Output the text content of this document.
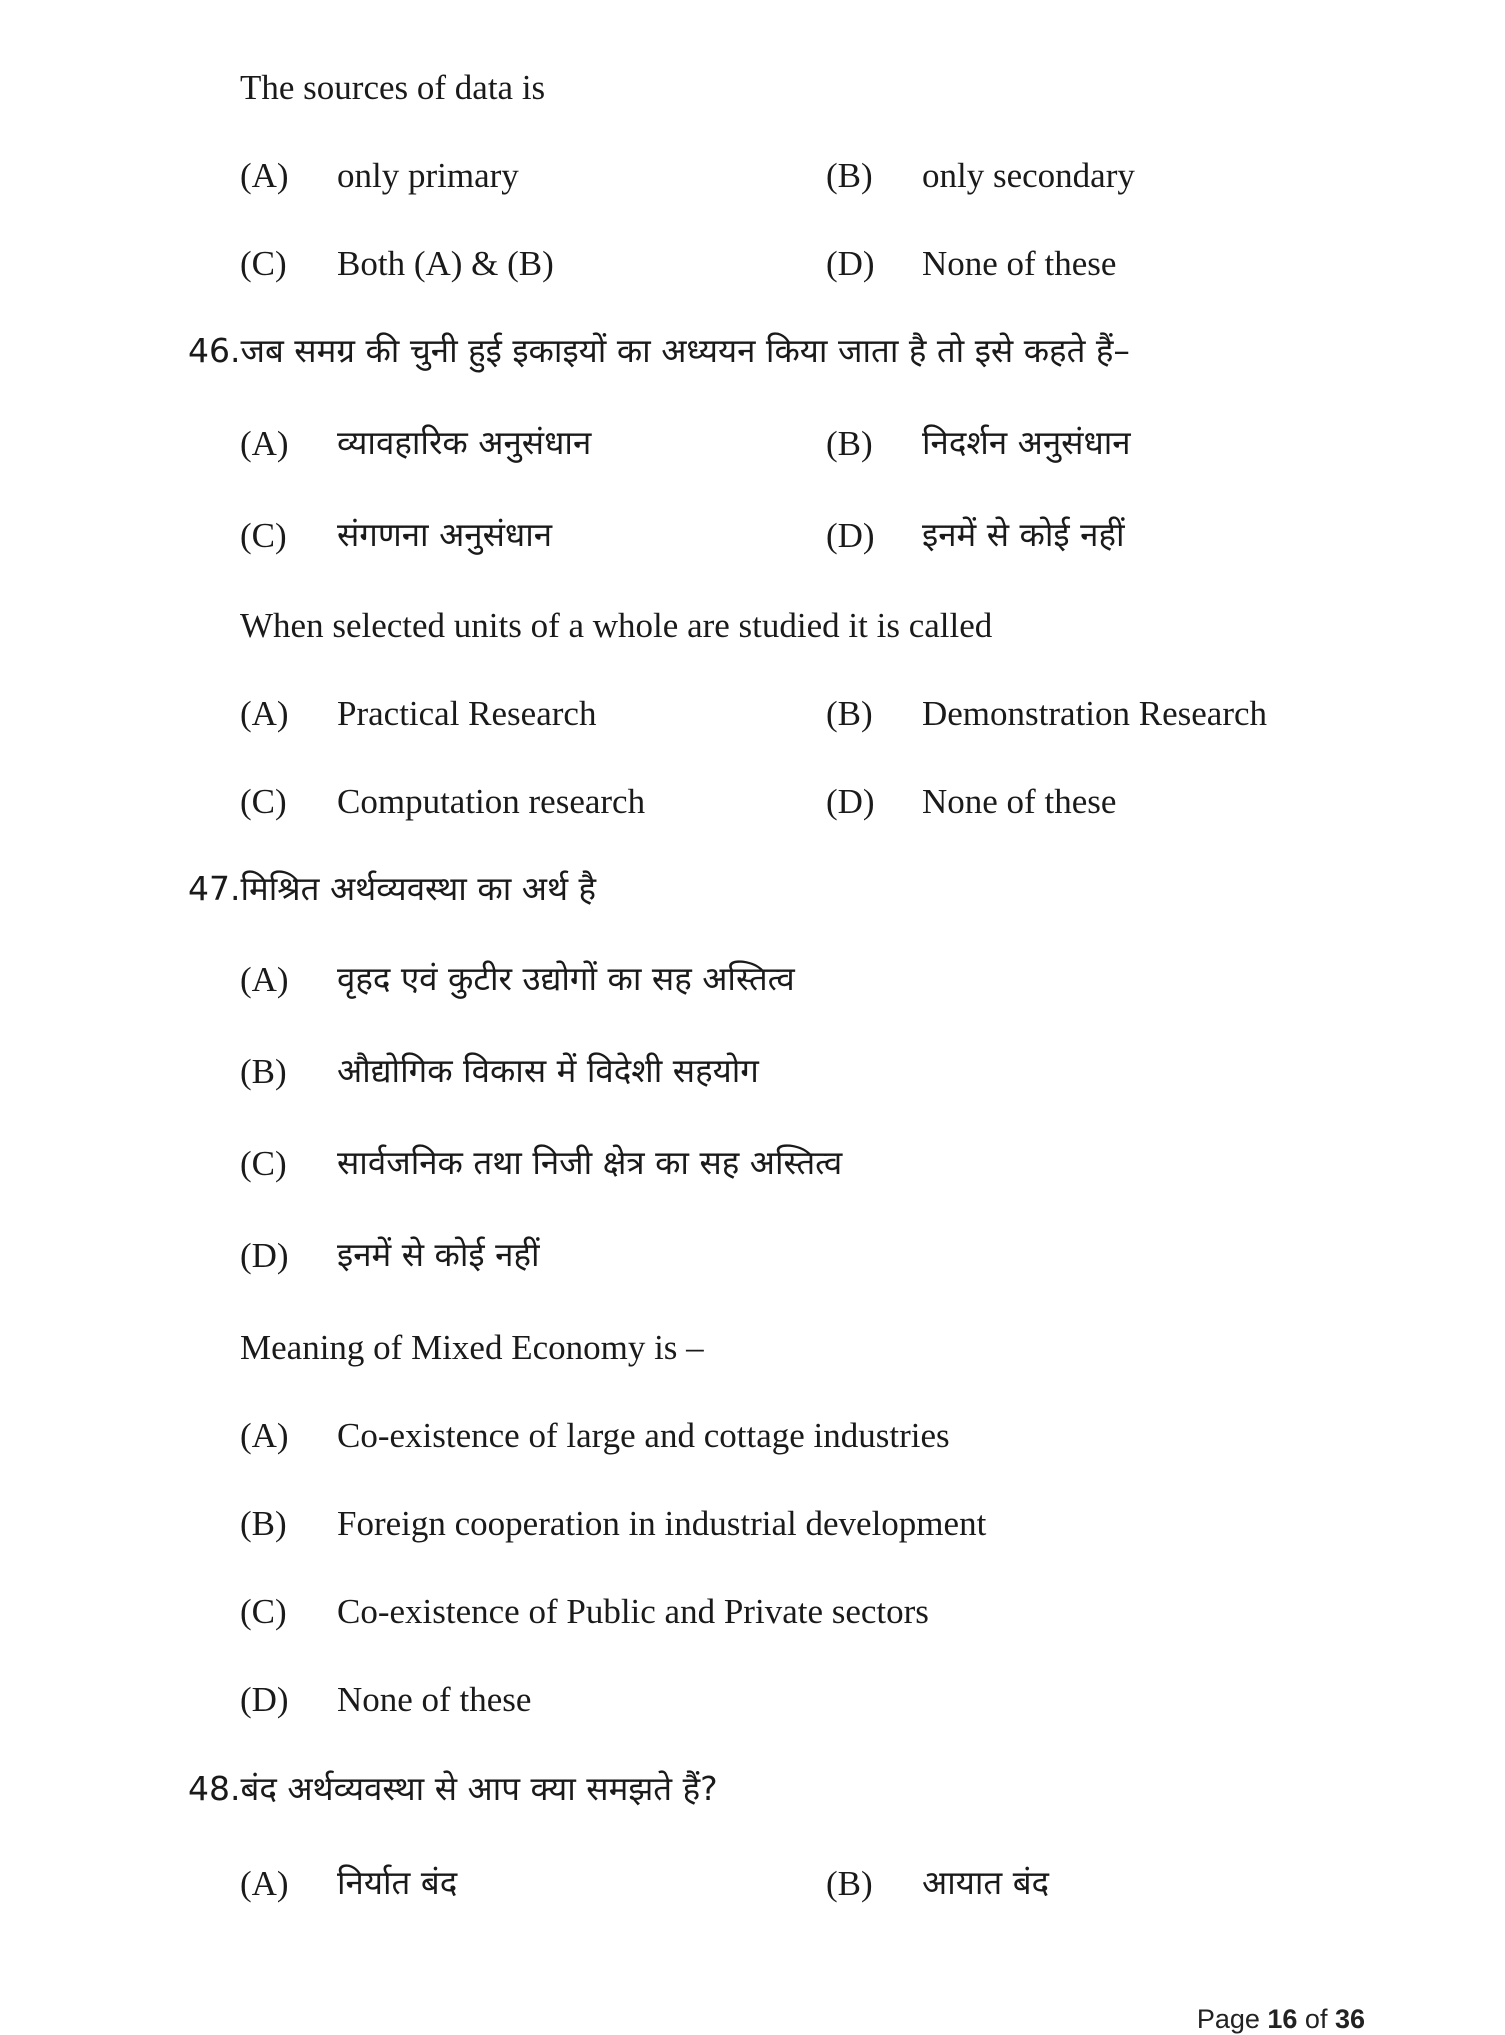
The sources of data is
(A) only primary	(B) only secondary
(C) Both (A) & (B)	(D) None of these
46.जब समग्र की चुनी हुई इकाइयों का अध्ययन किया जाता है तो इसे कहते हैं–
(A) व्यावहारिक अनुसंधान	(B) निदर्शन अनुसंधान
(C) संगणना अनुसंधान	(D) इनमें से कोई नहीं
When selected units of a whole are studied it is called
(A) Practical Research	(B) Demonstration Research
(C) Computation research	(D) None of these
47.मिश्रित अर्थव्यवस्था का अर्थ है
(A) वृहद एवं कुटीर उद्योगों का सह अस्तित्व
(B) औद्योगिक विकास में विदेशी सहयोग
(C) सार्वजनिक तथा निजी क्षेत्र का सह अस्तित्व
(D) इनमें से कोई नहीं
Meaning of Mixed Economy is –
(A) Co-existence of large and cottage industries
(B) Foreign cooperation in industrial development
(C) Co-existence of Public and Private sectors
(D) None of these
48.बंद अर्थव्यवस्था से आप क्या समझते हैं?
(A) निर्यात बंद	(B) आयात बंद
Page 16 of 36
